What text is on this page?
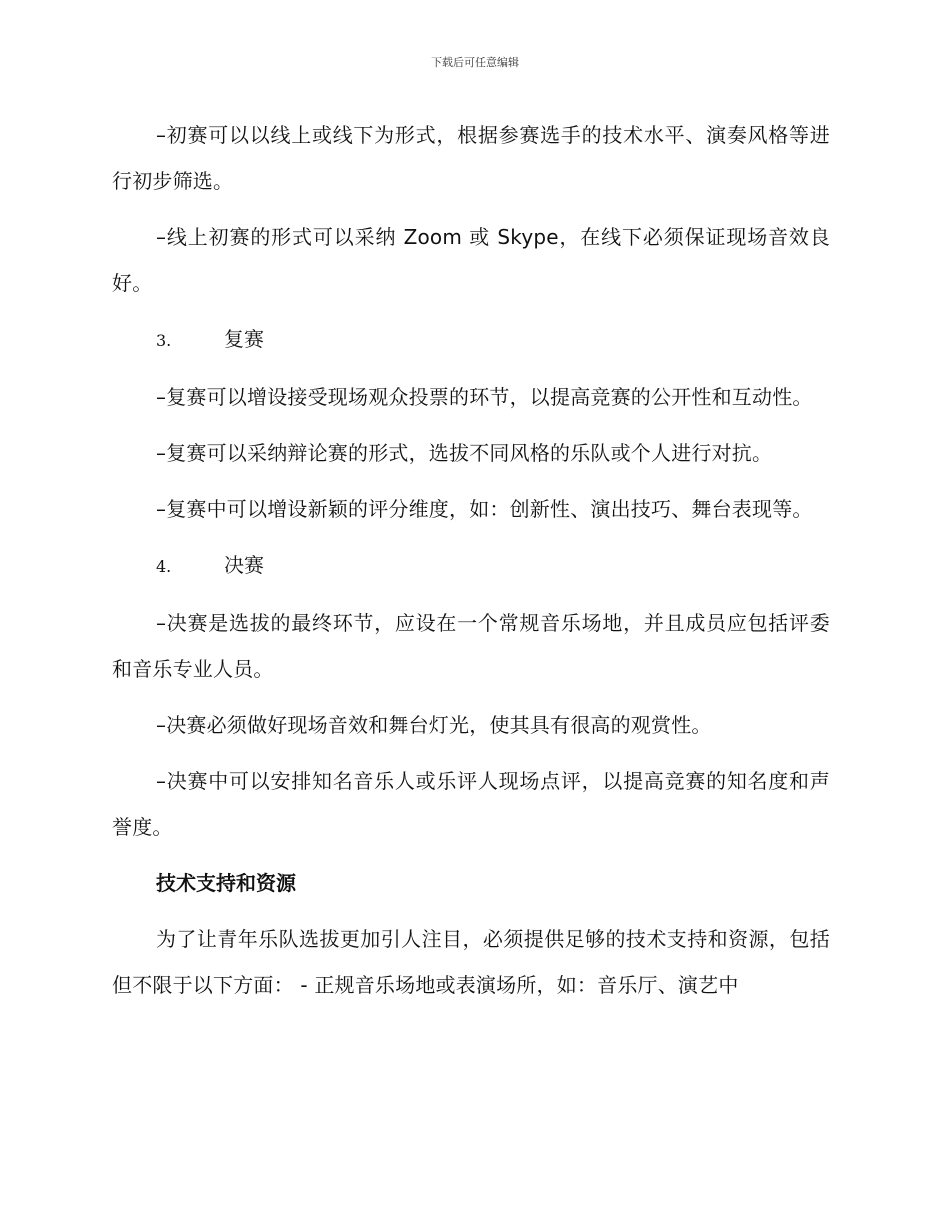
下载后可任意编辑

–初赛可以以线上或线下为形式，根据参赛选手的技术水平、演奏风格等进行初步筛选。

–线上初赛的形式可以采纳 Zoom 或 Skype，在线下必须保证现场音效良好。

3.	复赛

–复赛可以增设接受现场观众投票的环节，以提高竞赛的公开性和互动性。

–复赛可以采纳辩论赛的形式，选拔不同风格的乐队或个人进行对抗。

–复赛中可以增设新颖的评分维度，如：创新性、演出技巧、舞台表现等。

4.	决赛

–决赛是选拔的最终环节，应设在一个常规音乐场地，并且成员应包括评委和音乐专业人员。

–决赛必须做好现场音效和舞台灯光，使其具有很高的观赏性。

–决赛中可以安排知名音乐人或乐评人现场点评，以提高竞赛的知名度和声誉度。

技术支持和资源

为了让青年乐队选拔更加引人注目，必须提供足够的技术支持和资源，包括但不限于以下方面： - 正规音乐场地或表演场所，如：音乐厅、演艺中
